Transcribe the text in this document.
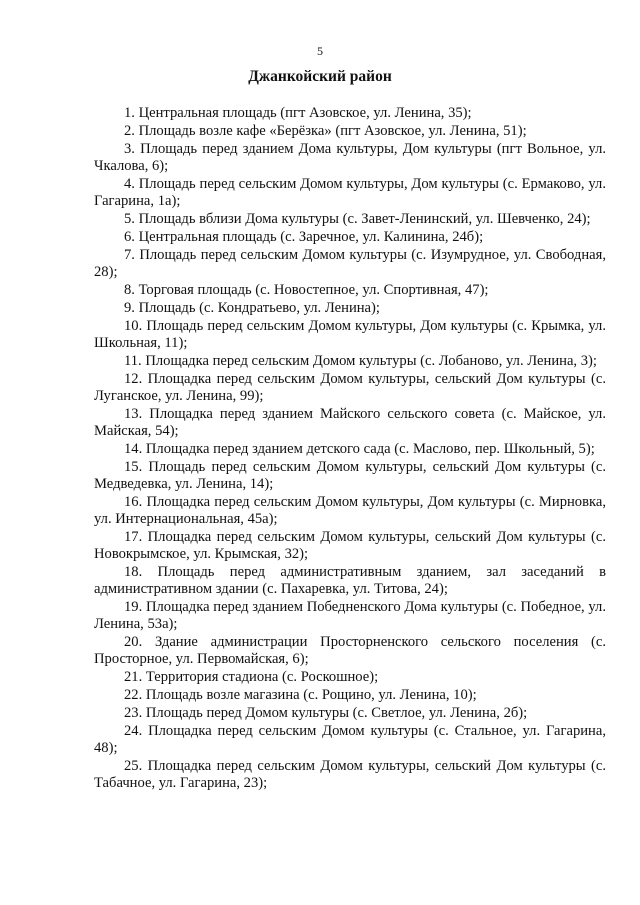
5
Джанкойский район
1. Центральная площадь (пгт Азовское, ул. Ленина, 35);
2. Площадь возле кафе «Берёзка» (пгт Азовское, ул. Ленина, 51);
3. Площадь перед зданием Дома культуры, Дом культуры (пгт Вольное, ул. Чкалова, 6);
4. Площадь перед сельским Домом культуры, Дом культуры (с. Ермаково, ул. Гагарина, 1а);
5. Площадь вблизи Дома культуры (с. Завет-Ленинский, ул. Шевченко, 24);
6. Центральная площадь (с. Заречное, ул. Калинина, 24б);
7. Площадь перед сельским Домом культуры (с. Изумрудное, ул. Свободная, 28);
8. Торговая площадь (с. Новостепное, ул. Спортивная, 47);
9. Площадь (с. Кондратьево, ул. Ленина);
10. Площадь перед сельским Домом культуры, Дом культуры (с. Крымка, ул. Школьная, 11);
11. Площадка перед сельским Домом культуры (с. Лобаново, ул. Ленина, 3);
12. Площадка перед сельским Домом культуры, сельский Дом культуры (с. Луганское, ул. Ленина, 99);
13. Площадка перед зданием Майского сельского совета (с. Майское, ул. Майская, 54);
14. Площадка перед зданием детского сада (с. Маслово, пер. Школьный, 5);
15. Площадь перед сельским Домом культуры, сельский Дом культуры (с. Медведевка, ул. Ленина, 14);
16. Площадка перед сельским Домом культуры, Дом культуры (с. Мирновка, ул. Интернациональная, 45а);
17. Площадка перед сельским Домом культуры, сельский Дом культуры (с. Новокрымское, ул. Крымская, 32);
18. Площадь перед административным зданием, зал заседаний в административном здании (с. Пахаревка, ул. Титова, 24);
19. Площадка перед зданием Победненского Дома культуры (с. Победное, ул. Ленина, 53а);
20. Здание администрации Просторненского сельского поселения (с. Просторное, ул. Первомайская, 6);
21. Территория стадиона (с. Роскошное);
22. Площадь возле магазина (с. Рощино, ул. Ленина, 10);
23. Площадь перед Домом культуры (с. Светлое, ул. Ленина, 2б);
24. Площадка перед сельским Домом культуры (с. Стальное, ул. Гагарина, 48);
25. Площадка перед сельским Домом культуры, сельский Дом культуры (с. Табачное, ул. Гагарина, 23);
